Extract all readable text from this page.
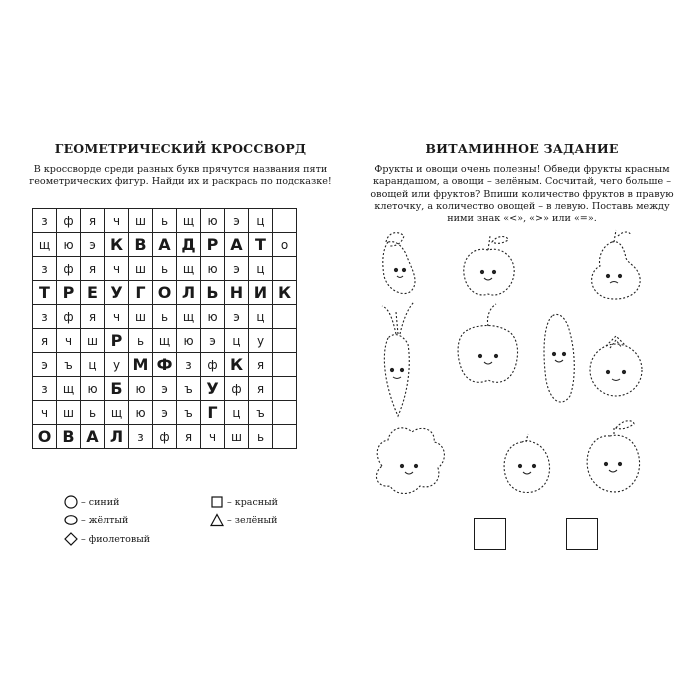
ГЕОМЕТРИЧЕСКИЙ КРОССВОРД

В кроссворде среди разных букв прячутся названия пяти геометрических фигур. Найди их и раскрась по подсказке!

з	ф	я	ч	ш	ь	щ	ю	э	ц	
щ	ю	э	К	В	А	Д	Р	А	Т	о
з	ф	я	ч	ш	ь	щ	ю	э	ц	
Т	Р	Е	У	Г	О	Л	Ь	Н	И	К
з	ф	я	ч	ш	ь	щ	ю	э	ц	
я	ч	ш	Р	ь	щ	ю	э	ц	у	
э	ъ	ц	у	М	Ф	з	ф	К	я	
з	щ	ю	Б	ю	э	ъ	У	ф	я	
ч	ш	ь	щ	ю	э	ъ	Г	ц	ъ	
О	В	А	Л	з	ф	я	ч	ш	ь	
– синий
– жёлтый
– фиолетовый
– красный
– зелёный
ВИТАМИННОЕ ЗАДАНИЕ

Фрукты и овощи очень полезны! Обведи фрукты красным карандашом, а овощи – зелёным. Сосчитай, чего больше – овощей или фруктов? Впиши количество фруктов в правую клеточку, а количество овощей – в левую. Поставь между ними знак «<», «>» или «=».
